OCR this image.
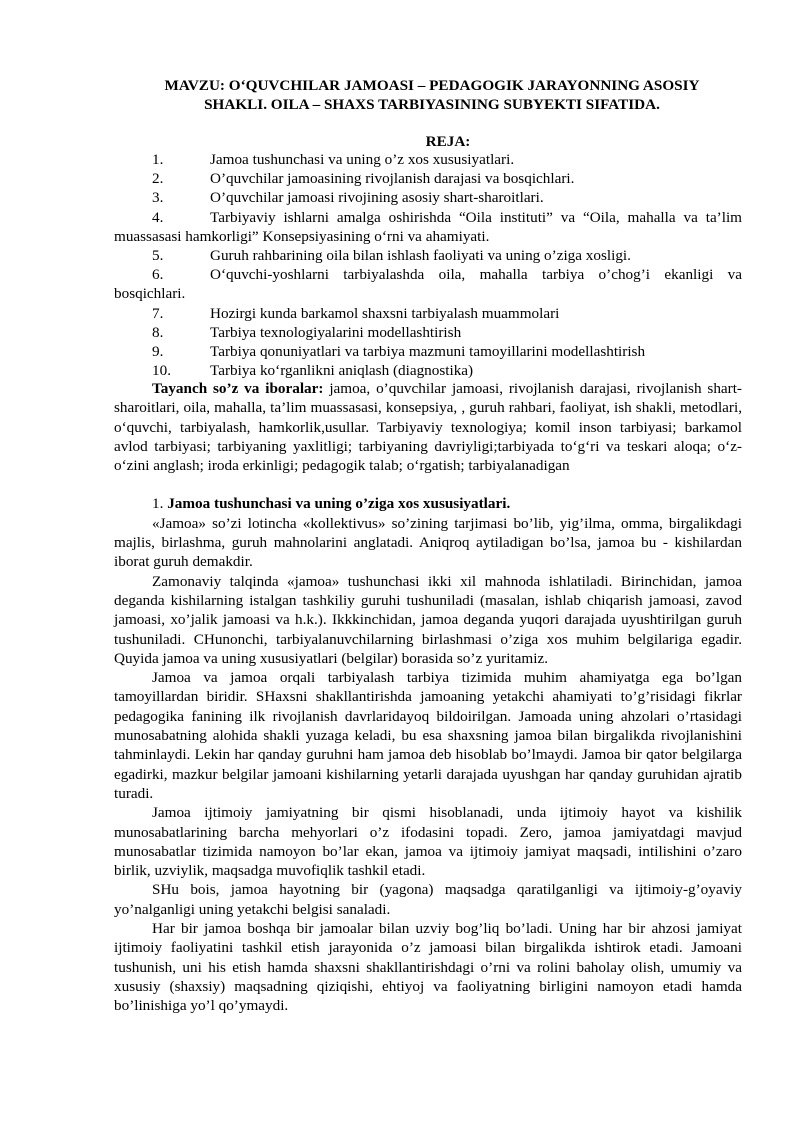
MAVZU: O‘QUVCHILAR JAMOASI – PEDAGOGIK JARAYONNING ASOSIY
SHAKLI. OILA – SHAXS TARBIYASINING SUBYEKTI SIFATIDA.
REJA:
1.	Jamoa tushunchasi va uning o’z xos xususiyatlari.
2.	O’quvchilar jamoasining rivojlanish darajasi va bosqichlari.
3.	O’quvchilar jamoasi rivojining asosiy shart-sharoitlari.
4.	Tarbiyaviy ishlarni amalga oshirishda “Oila instituti” va “Oila, mahalla va ta’lim muassasasi hamkorligi” Konsepsiyasining o‘rni va ahamiyati.
5.	Guruh rahbarining oila bilan ishlash faoliyati va uning o’ziga xosligi.
6.	O‘quvchi-yoshlarni tarbiyalashda oila, mahalla tarbiya o’chog’i ekanligi va bosqichlari.
7.	Hozirgi kunda barkamol shaxsni tarbiyalash muammolari
8.	Tarbiya texnologiyalarini modellashtirish
9.	Tarbiya qonuniyatlari va tarbiya mazmuni tamoyillarini modellashtirish
10.	Tarbiya ko‘rganlikni aniqlash (diagnostika)

Tayanch so’z va iboralar: jamoa, o’quvchilar jamoasi, rivojlanish darajasi, rivojlanish shart- sharoitlari, oila, mahalla, ta’lim muassasasi, konsepsiya, , guruh rahbari, faoliyat, ish shakli, metodlari, o‘quvchi, tarbiyalash, hamkorlik,usullar. Tarbiyaviy texnologiya; komil inson tarbiyasi; barkamol avlod tarbiyasi; tarbiyaning yaxlitligi; tarbiyaning davriyligi;tarbiyada to‘g‘ri va teskari aloqa; o‘z-o‘zini anglash; iroda erkinligi; pedagogik talab; o‘rgatish; tarbiyalanadigan

1. Jamoa tushunchasi va uning o’ziga xos xususiyatlari.

«Jamoa» so’zi lotincha «kollektivus» so’zining tarjimasi bo’lib, yig’ilma, omma, birgalikdagi majlis, birlashma, guruh mahnolarini anglatadi. Aniqroq aytiladigan bo’lsa, jamoa bu - kishilardan iborat guruh demakdir.

Zamonaviy talqinda «jamoa» tushunchasi ikki xil mahnoda ishlatiladi. Birinchidan, jamoa deganda kishilarning istalgan tashkiliy guruhi tushuniladi (masalan, ishlab chiqarish jamoasi, zavod jamoasi, xo’jalik jamoasi va h.k.). Ikkkinchidan, jamoa deganda yuqori darajada uyushtirilgan guruh tushuniladi. CHunonchi, tarbiyalanuvchilarning birlashmasi o’ziga xos muhim belgilariga egadir. Quyida jamoa va uning xususiyatlari (belgilar) borasida so’z yuritamiz.

Jamoa va jamoa orqali tarbiyalash tarbiya tizimida muhim ahamiyatga ega bo’lgan tamoyillardan biridir. SHaxsni shakllantirishda jamoaning yetakchi ahamiyati to’g’risidagi fikrlar pedagogika fanining ilk rivojlanish davrlaridayoq bildoirilgan. Jamoada uning ahzolari o’rtasidagi munosabatning alohida shakli yuzaga keladi, bu esa shaxsning jamoa bilan birgalikda rivojlanishini tahminlaydi. Lekin har qanday guruhni ham jamoa deb hisoblab bo’lmaydi. Jamoa bir qator belgilarga egadirki, mazkur belgilar jamoani kishilarning yetarli darajada uyushgan har qanday guruhidan ajratib turadi.

Jamoa ijtimoiy jamiyatning bir qismi hisoblanadi, unda ijtimoiy hayot va kishilik munosabatlarining barcha mehyorlari o’z ifodasini topadi. Zero, jamoa jamiyatdagi mavjud munosabatlar tizimida namoyon bo’lar ekan, jamoa va ijtimoiy jamiyat maqsadi, intilishini o’zaro birlik, uzviylik, maqsadga muvofiqlik tashkil etadi.

SHu bois, jamoa hayotning bir (yagona) maqsadga qaratilganligi va ijtimoiy-g’oyaviy yo’nalganligi uning yetakchi belgisi sanaladi.

Har bir jamoa boshqa bir jamoalar bilan uzviy bog’liq bo’ladi. Uning har bir ahzosi jamiyat ijtimoiy faoliyatini tashkil etish jarayonida o’z jamoasi bilan birgalikda ishtirok etadi. Jamoani tushunish, uni his etish hamda shaxsni shakllantirishdagi o’rni va rolini baholay olish, umumiy va xususiy (shaxsiy) maqsadning qiziqishi, ehtiyoj va faoliyatning birligini namoyon etadi hamda bo’linishiga yo’l qo’ymaydi.
